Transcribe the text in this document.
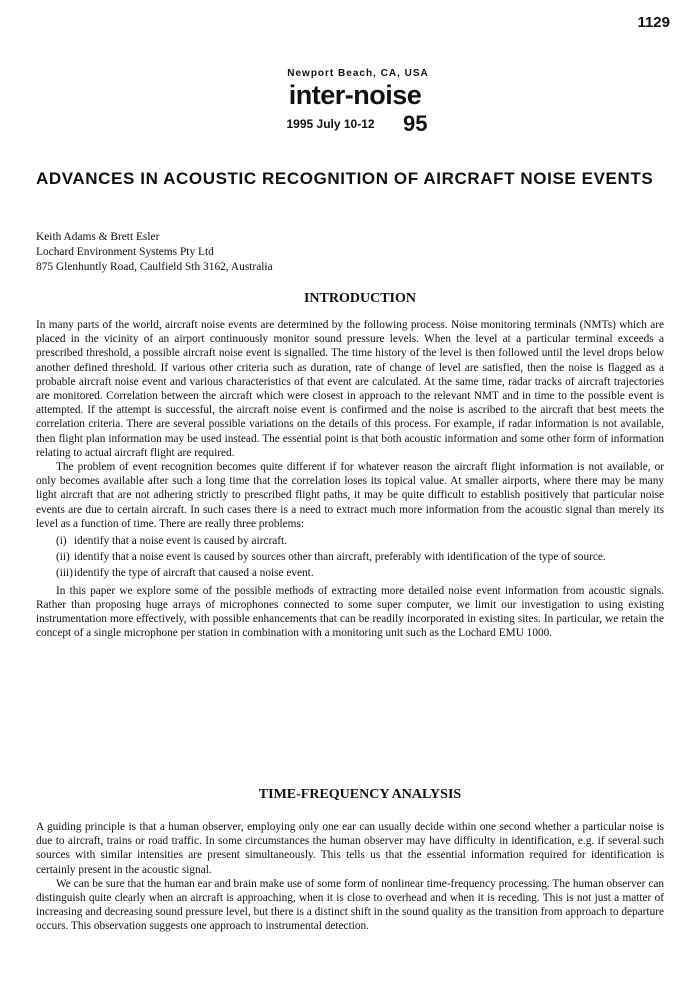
1129
Newport Beach, CA, USA
inter-noise
1995 July 10-12 95
ADVANCES IN ACOUSTIC RECOGNITION OF AIRCRAFT NOISE EVENTS
Keith Adams & Brett Esler
Lochard Environment Systems Pty Ltd
875 Glenhuntly Road, Caulfield Sth 3162, Australia
INTRODUCTION

In many parts of the world, aircraft noise events are determined by the following process. Noise monitoring terminals (NMTs) which are placed in the vicinity of an airport continuously monitor sound pressure levels. When the level at a particular terminal exceeds a prescribed threshold, a possible aircraft noise event is signalled. The time history of the level is then followed until the level drops below another defined threshold. If various other criteria such as duration, rate of change of level are satisfied, then the noise is flagged as a probable aircraft noise event and various characteristics of that event are calculated. At the same time, radar tracks of aircraft trajectories are monitored. Correlation between the aircraft which were closest in approach to the relevant NMT and in time to the possible event is attempted. If the attempt is successful, the aircraft noise event is confirmed and the noise is ascribed to the aircraft that best meets the correlation criteria. There are several possible variations on the details of this process. For example, if radar information is not available, then flight plan information may be used instead. The essential point is that both acoustic information and some other form of information relating to actual aircraft flight are required.

The problem of event recognition becomes quite different if for whatever reason the aircraft flight information is not available, or only becomes available after such a long time that the correlation loses its topical value. At smaller airports, where there may be many light aircraft that are not adhering strictly to prescribed flight paths, it may be quite difficult to establish positively that particular noise events are due to certain aircraft. In such cases there is a need to extract much more information from the acoustic signal than merely its level as a function of time. There are really three problems:

(i) identify that a noise event is caused by aircraft.
(ii) identify that a noise event is caused by sources other than aircraft, preferably with identification of the type of source.
(iii) identify the type of aircraft that caused a noise event.

In this paper we explore some of the possible methods of extracting more detailed noise event information from acoustic signals. Rather than proposing huge arrays of microphones connected to some super computer, we limit our investigation to using existing instrumentation more effectively, with possible enhancements that can be readily incorporated in existing sites. In particular, we retain the concept of a single microphone per station in combination with a monitoring unit such as the Lochard EMU 1000.

TIME-FREQUENCY ANALYSIS

A guiding principle is that a human observer, employing only one ear can usually decide within one second whether a particular noise is due to aircraft, trains or road traffic. In some circumstances the human observer may have difficulty in identification, e.g. if several such sources with similar intensities are present simultaneously. This tells us that the essential information required for identification is certainly present in the acoustic signal.

We can be sure that the human ear and brain make use of some form of nonlinear time-frequency processing. The human observer can distinguish quite clearly when an aircraft is approaching, when it is close to overhead and when it is receding. This is not just a matter of increasing and decreasing sound pressure level, but there is a distinct shift in the sound quality as the transition from approach to departure occurs. This observation suggests one approach to instrumental detection.
